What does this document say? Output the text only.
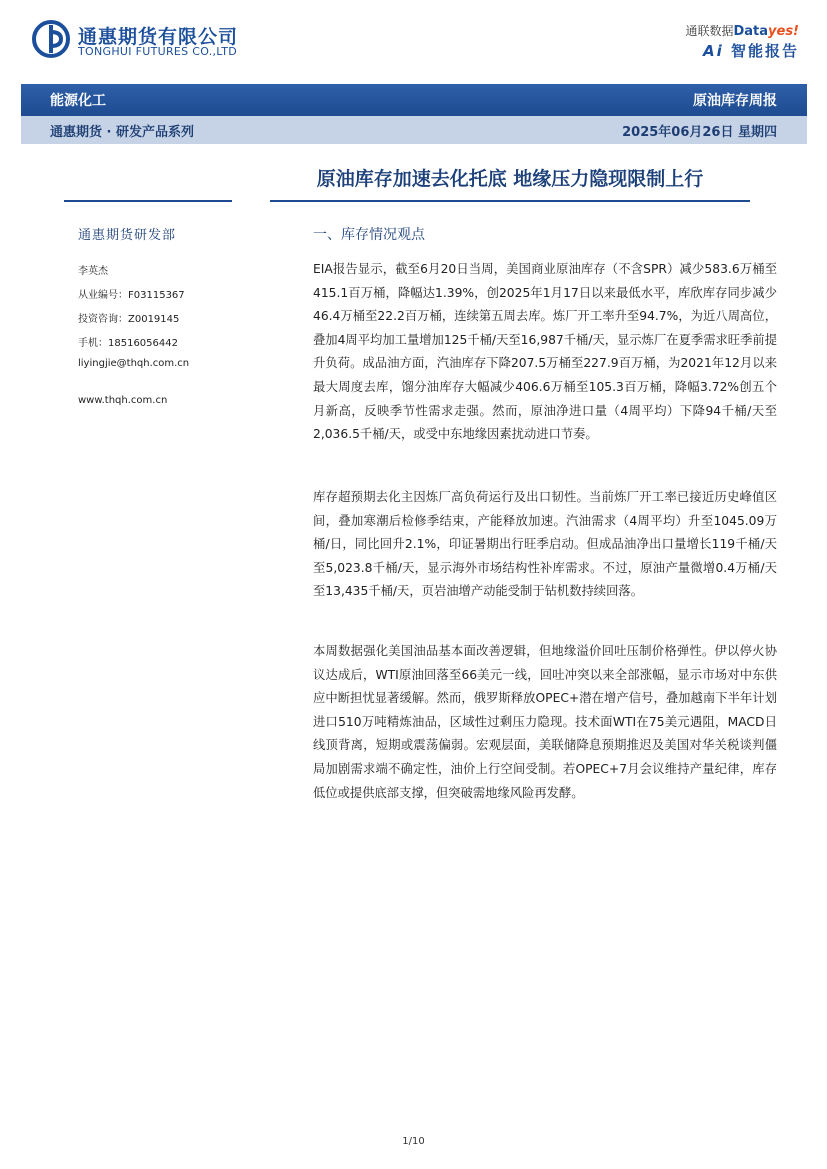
通惠期货有限公司
TONGHUI FUTURES CO.,LTD
通联数据Datayes!
Ai 智能报告
能源化工	原油库存周报
通惠期货 · 研发产品系列	2025年06月26日 星期四
原油库存加速去化托底 地缘压力隐现限制上行
通惠期货研发部
李英杰
从业编号：F03115367
投资咨询：Z0019145
手机：18516056442
liyingjie@thqh.com.cn
www.thqh.com.cn
一、库存情况观点
EIA报告显示，截至6月20日当周，美国商业原油库存（不含SPR）减少583.6万桶至415.1百万桶，降幅达1.39%，创2025年1月17日以来最低水平，库欣库存同步减少46.4万桶至22.2百万桶，连续第五周去库。炼厂开工率升至94.7%，为近八周高位，叠加4周平均加工量增加125千桶/天至16,987千桶/天，显示炼厂在夏季需求旺季前提升负荷。成品油方面，汽油库存下降207.5万桶至227.9百万桶，为2021年12月以来最大周度去库，馏分油库存大幅减少406.6万桶至105.3百万桶，降幅3.72%创五个月新高，反映季节性需求走强。然而，原油净进口量（4周平均）下降94千桶/天至2,036.5千桶/天，或受中东地缘因素扰动进口节奏。
库存超预期去化主因炼厂高负荷运行及出口韧性。当前炼厂开工率已接近历史峰值区间，叠加寒潮后检修季结束，产能释放加速。汽油需求（4周平均）升至1045.09万桶/日，同比回升2.1%，印证暑期出行旺季启动。但成品油净出口量增长119千桶/天至5,023.8千桶/天，显示海外市场结构性补库需求。不过，原油产量微增0.4万桶/天至13,435千桶/天，页岩油增产动能受制于钻机数持续回落。
本周数据强化美国油品基本面改善逻辑，但地缘溢价回吐压制价格弹性。伊以停火协议达成后，WTI原油回落至66美元一线，回吐冲突以来全部涨幅，显示市场对中东供应中断担忧显著缓解。然而，俄罗斯释放OPEC+潜在增产信号，叠加越南下半年计划进口510万吨精炼油品，区域性过剩压力隐现。技术面WTI在75美元遇阻，MACD日线顶背离，短期或震荡偏弱。宏观层面，美联储降息预期推迟及美国对华关税谈判僵局加剧需求端不确定性，油价上行空间受制。若OPEC+7月会议维持产量纪律，库存低位或提供底部支撑，但突破需地缘风险再发酵。
1/10
